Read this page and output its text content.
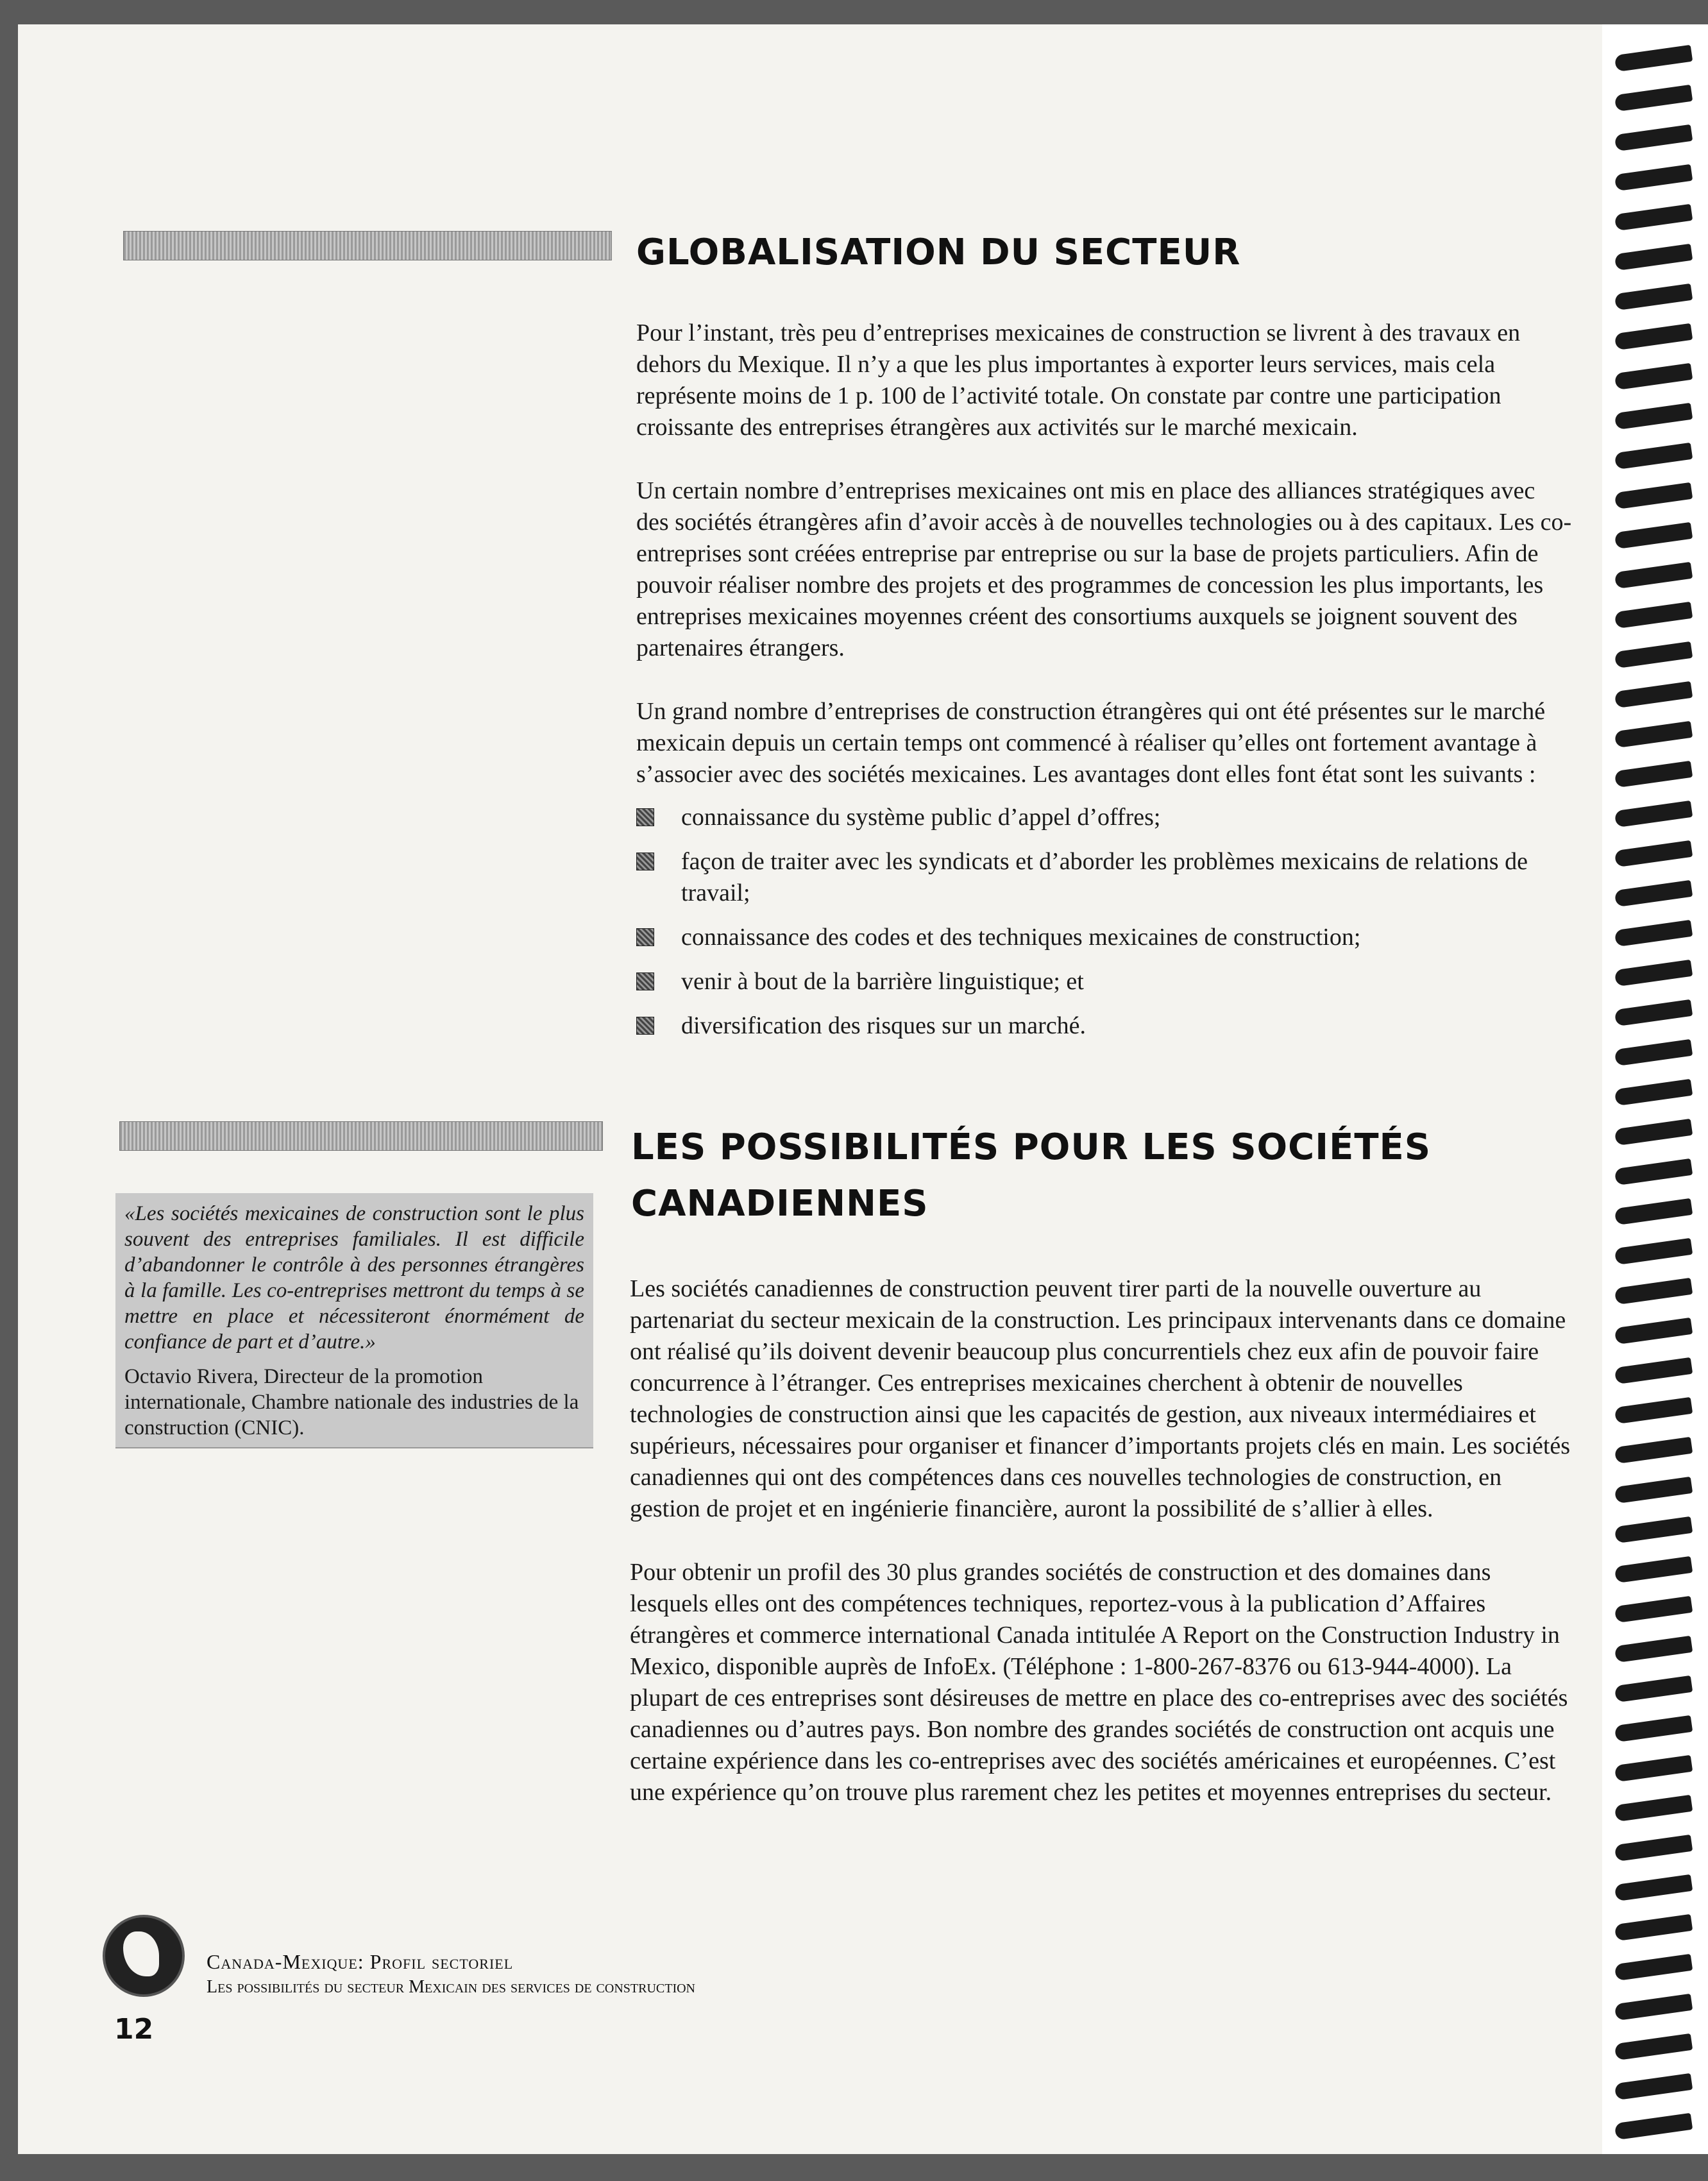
GLOBALISATION DU SECTEUR

Pour l’instant, très peu d’entreprises mexicaines de construction se livrent à des travaux en dehors du Mexique. Il n’y a que les plus importantes à exporter leurs services, mais cela représente moins de 1 p. 100 de l’activité totale. On constate par contre une participation croissante des entreprises étrangères aux activités sur le marché mexicain.

Un certain nombre d’entreprises mexicaines ont mis en place des alliances stratégiques avec des sociétés étrangères afin d’avoir accès à de nouvelles technologies ou à des capitaux. Les co-entreprises sont créées entreprise par entreprise ou sur la base de projets particuliers. Afin de pouvoir réaliser nombre des projets et des programmes de concession les plus importants, les entreprises mexicaines moyennes créent des consortiums auxquels se joignent souvent des partenaires étrangers.

Un grand nombre d’entreprises de construction étrangères qui ont été présentes sur le marché mexicain depuis un certain temps ont commencé à réaliser qu’elles ont fortement avantage à s’associer avec des sociétés mexicaines. Les avantages dont elles font état sont les suivants :

connaissance du système public d’appel d’offres;
façon de traiter avec les syndicats et d’aborder les problèmes mexicains de relations de travail;
connaissance des codes et des techniques mexicaines de construction;
venir à bout de la barrière linguistique; et
diversification des risques sur un marché.
LES POSSIBILITÉS POUR LES SOCIÉTÉS
CANADIENNES

«Les sociétés mexicaines de construction sont le plus souvent des entreprises familiales. Il est difficile d’abandonner le contrôle à des personnes étrangères à la famille. Les co-entreprises mettront du temps à se mettre en place et nécessiteront énormément de confiance de part et d’autre.»

Octavio Rivera, Directeur de la promotion internationale, Chambre nationale des industries de la construction (CNIC).

Les sociétés canadiennes de construction peuvent tirer parti de la nouvelle ouverture au partenariat du secteur mexicain de la construction. Les principaux intervenants dans ce domaine ont réalisé qu’ils doivent devenir beaucoup plus concurrentiels chez eux afin de pouvoir faire concurrence à l’étranger. Ces entreprises mexicaines cherchent à obtenir de nouvelles technologies de construction ainsi que les capacités de gestion, aux niveaux intermédiaires et supérieurs, nécessaires pour organiser et financer d’importants projets clés en main. Les sociétés canadiennes qui ont des compétences dans ces nouvelles technologies de construction, en gestion de projet et en ingénierie financière, auront la possibilité de s’allier à elles.

Pour obtenir un profil des 30 plus grandes sociétés de construction et des domaines dans lesquels elles ont des compétences techniques, reportez-vous à la publication d’Affaires étrangères et commerce international Canada intitulée A Report on the Construction Industry in Mexico, disponible auprès de InfoEx. (Téléphone : 1-800-267-8376 ou 613-944-4000). La plupart de ces entreprises sont désireuses de mettre en place des co-entreprises avec des sociétés canadiennes ou d’autres pays. Bon nombre des grandes sociétés de construction ont acquis une certaine expérience dans les co-entreprises avec des sociétés américaines et européennes. C’est une expérience qu’on trouve plus rarement chez les petites et moyennes entreprises du secteur.

Canada-Mexique: Profil sectoriel
Les possibilités du secteur Mexicain des services de construction
12
